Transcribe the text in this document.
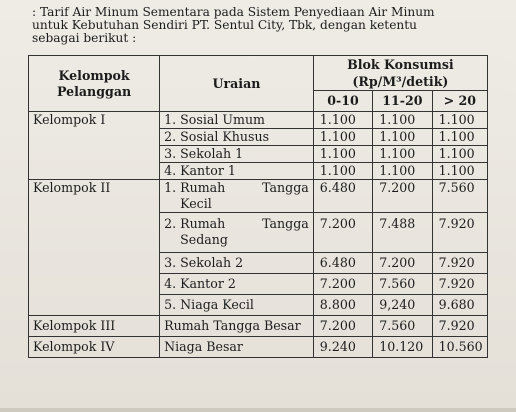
: Tarif Air Minum Sementara pada Sistem Penyediaan Air Minum

untuk Kebutuhan Sendiri PT. Sentul City, Tbk, dengan ketentu

sebagai berikut :

Kelompok Pelanggan	Uraian	Blok Konsumsi
(Rp/M³/detik)		

		0-10	11-20	> 20
Kelompok I	1. Sosial Umum	1.100	1.100	1.100
	2. Sosial Khusus	1.100	1.100	1.100
	3. Sekolah 1	1.100	1.100	1.100
	4. Kantor 1	1.100	1.100	1.100
Kelompok II	1. Rumah Tangga
Kecil	6.480	7.200	7.560

	2. Rumah Tangga
Sedang	7.200	7.488	7.920
	3. Sekolah 2	6.480	7.200	7.920
	4. Kantor 2	7.200	7.560	7.920
	5. Niaga Kecil	8.800	9,240	9.680
Kelompok III	Rumah Tangga Besar	7.200	7.560	7.920
Kelompok IV	Niaga Besar	9.240	10.120	10.560
